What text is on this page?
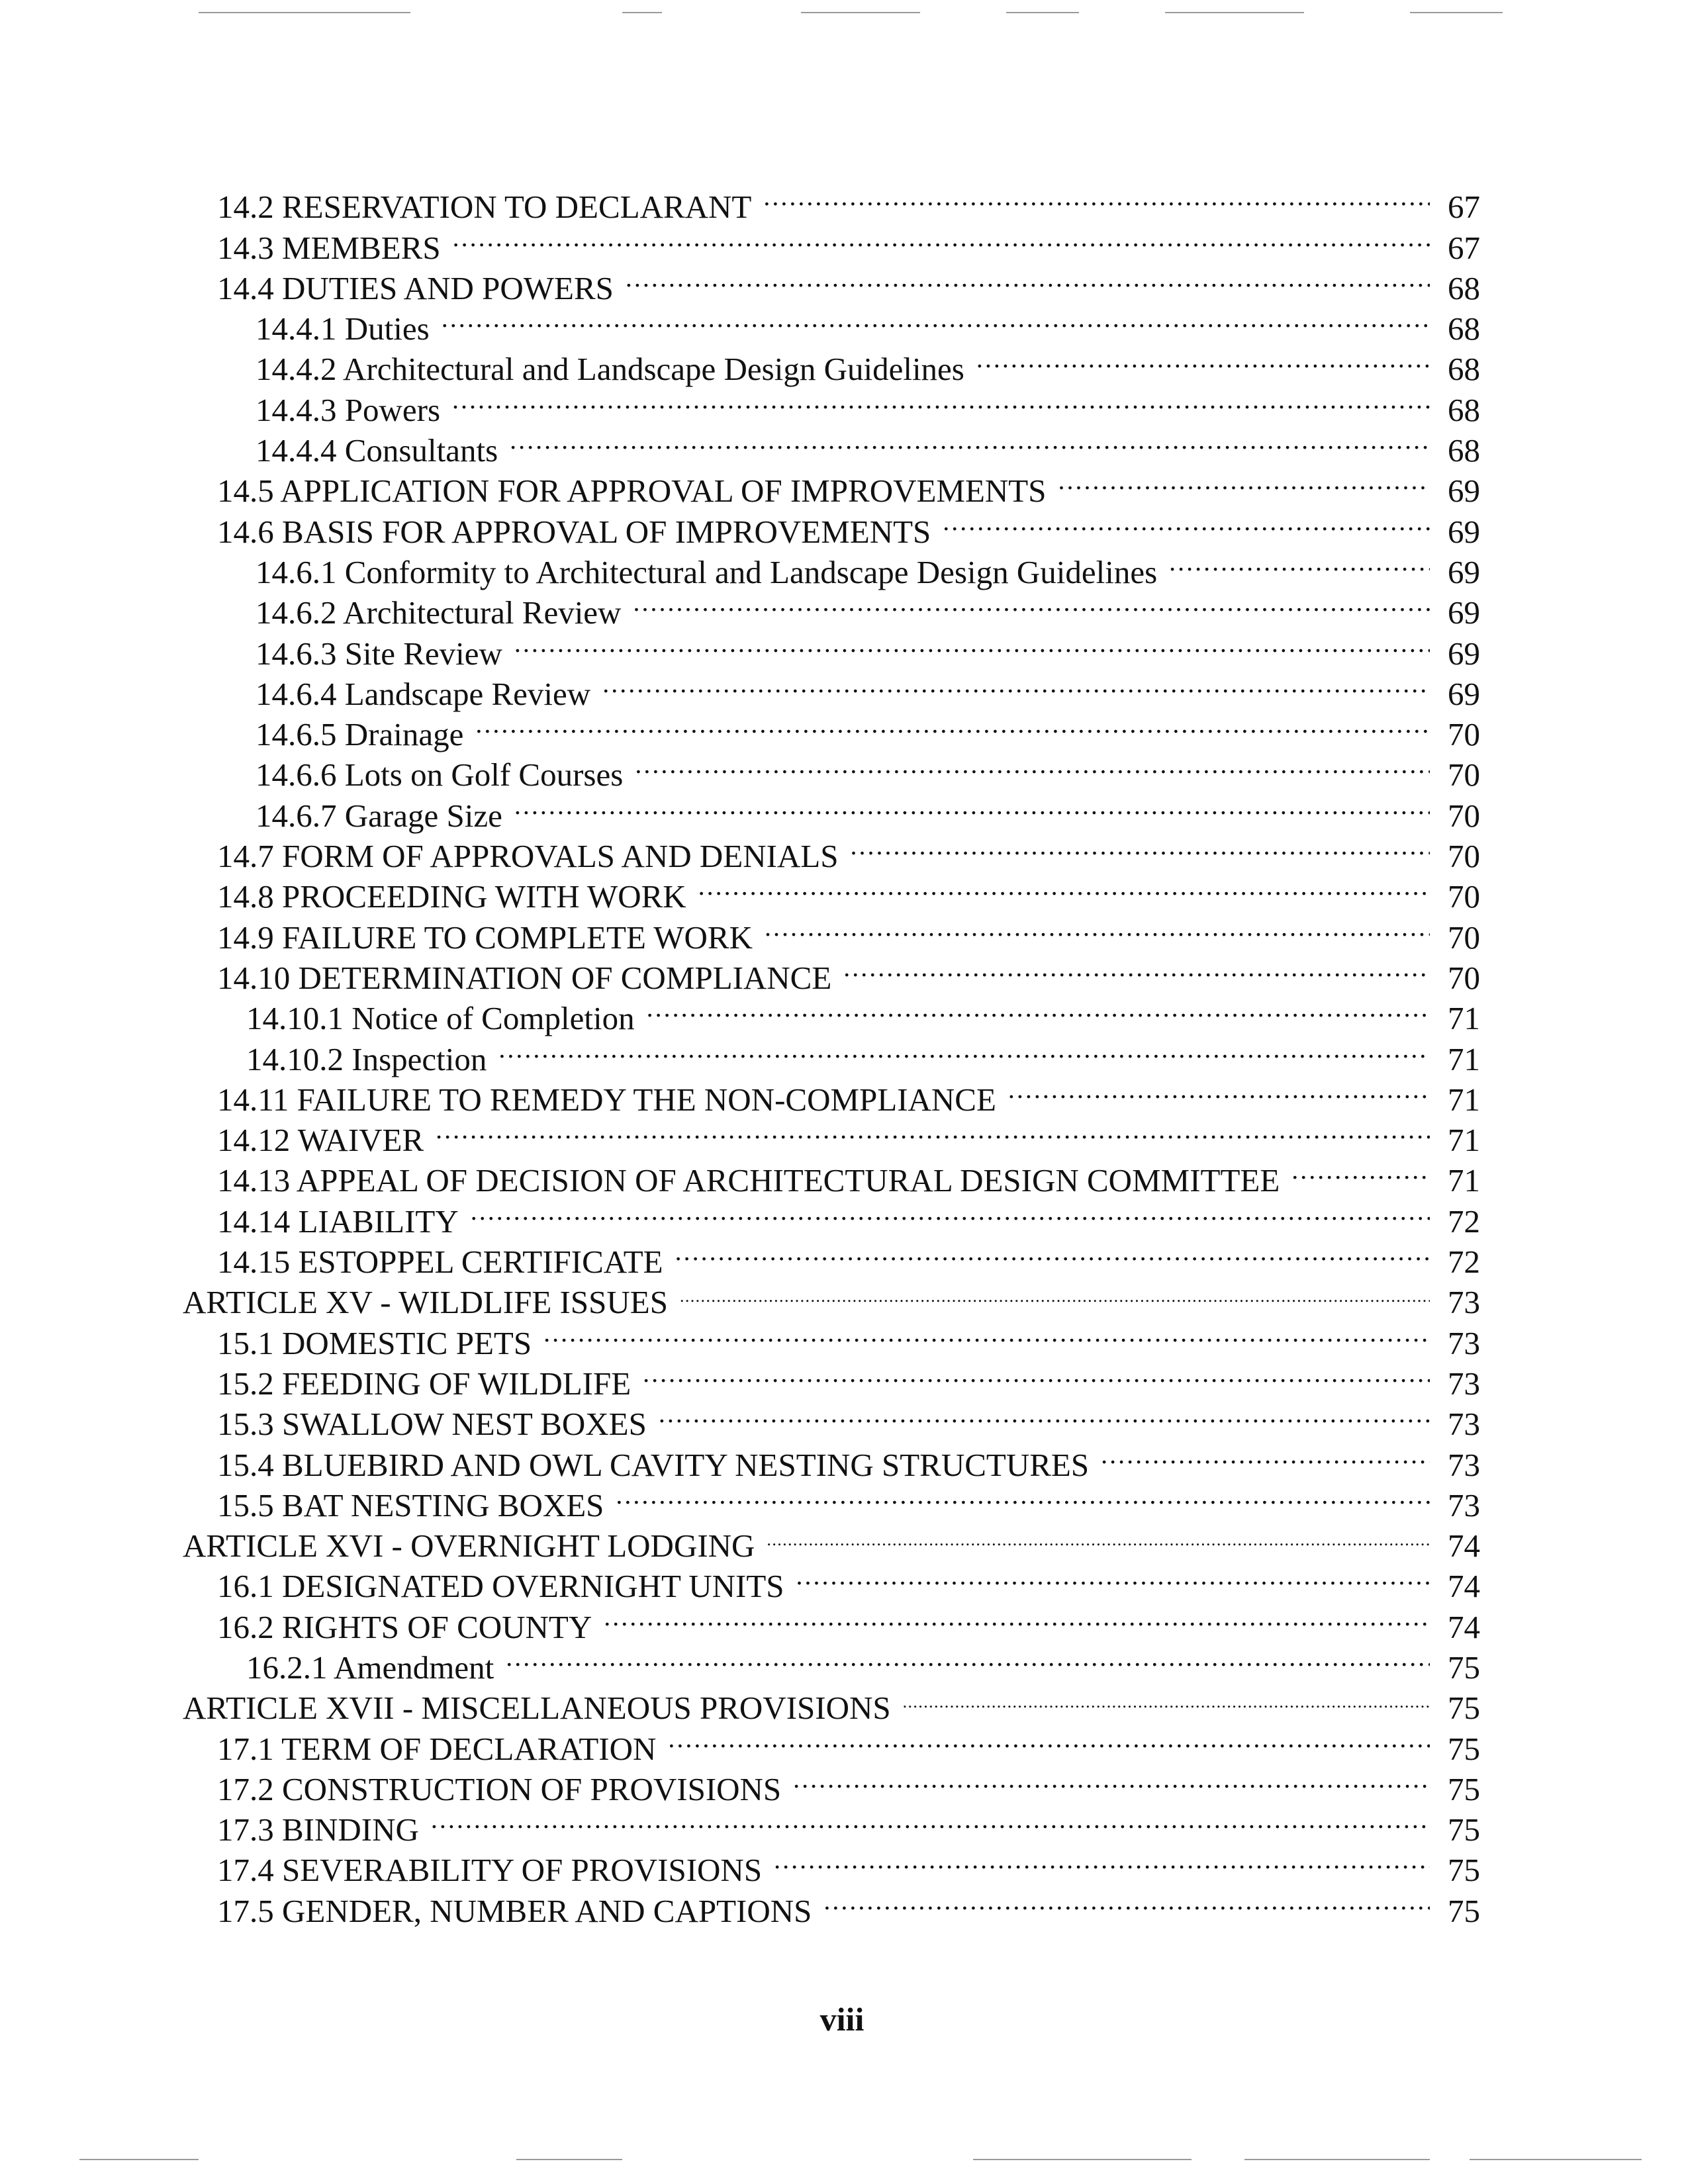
14.2 RESERVATION TO DECLARANT .....	67
14.3 MEMBERS .....	67
14.4 DUTIES AND POWERS .....	68
14.4.1 Duties .....	68
14.4.2 Architectural and Landscape Design Guidelines .....	68
14.4.3 Powers .....	68
14.4.4 Consultants .....	68
14.5 APPLICATION FOR APPROVAL OF IMPROVEMENTS .....	69
14.6 BASIS FOR APPROVAL OF IMPROVEMENTS .....	69
14.6.1 Conformity to Architectural and Landscape Design Guidelines .....	69
14.6.2 Architectural Review .....	69
14.6.3 Site Review .....	69
14.6.4 Landscape Review .....	69
14.6.5 Drainage .....	70
14.6.6 Lots on Golf Courses .....	70
14.6.7 Garage Size .....	70
14.7 FORM OF APPROVALS AND DENIALS .....	70
14.8 PROCEEDING WITH WORK .....	70
14.9 FAILURE TO COMPLETE WORK .....	70
14.10 DETERMINATION OF COMPLIANCE .....	70
14.10.1 Notice of Completion .....	71
14.10.2 Inspection .....	71
14.11 FAILURE TO REMEDY THE NON-COMPLIANCE .....	71
14.12 WAIVER .....	71
14.13 APPEAL OF DECISION OF ARCHITECTURAL DESIGN COMMITTEE .....	71
14.14 LIABILITY .....	72
14.15 ESTOPPEL CERTIFICATE .....	72
ARTICLE XV - WILDLIFE ISSUES .....	73
15.1 DOMESTIC PETS .....	73
15.2 FEEDING OF WILDLIFE .....	73
15.3 SWALLOW NEST BOXES .....	73
15.4 BLUEBIRD AND OWL CAVITY NESTING STRUCTURES .....	73
15.5 BAT NESTING BOXES .....	73
ARTICLE XVI - OVERNIGHT LODGING .....	74
16.1 DESIGNATED OVERNIGHT UNITS .....	74
16.2 RIGHTS OF COUNTY .....	74
16.2.1 Amendment .....	75
ARTICLE XVII - MISCELLANEOUS PROVISIONS .....	75
17.1 TERM OF DECLARATION .....	75
17.2 CONSTRUCTION OF PROVISIONS .....	75
17.3 BINDING .....	75
17.4 SEVERABILITY OF PROVISIONS .....	75
17.5 GENDER, NUMBER AND CAPTIONS .....	75
viii
